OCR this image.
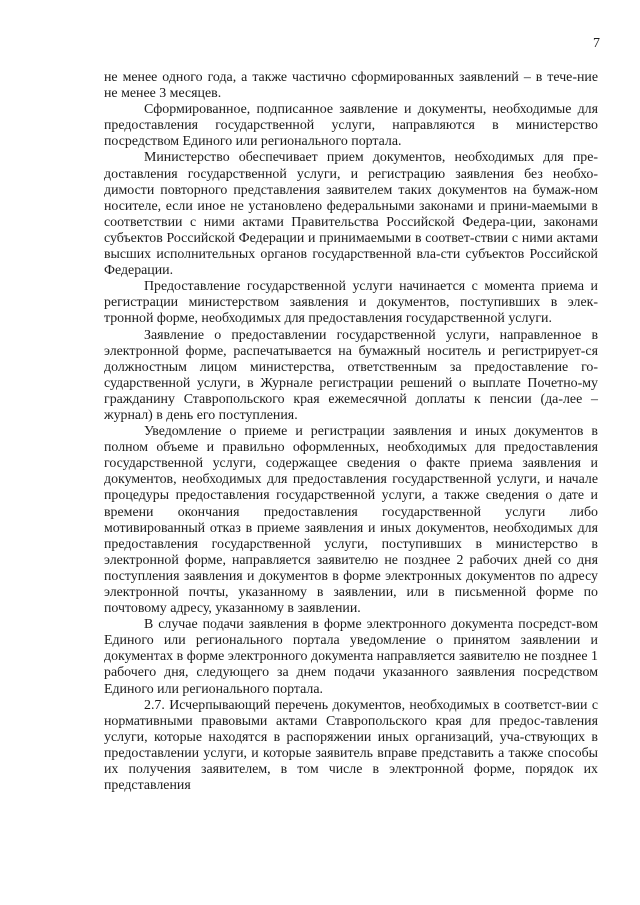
7

не менее одного года, а также частично сформированных заявлений – в тече-ние не менее 3 месяцев.

Сформированное, подписанное заявление и документы, необходимые для предоставления государственной услуги, направляются в министерство посредством Единого или регионального портала.

Министерство обеспечивает прием документов, необходимых для пре-доставления государственной услуги, и регистрацию заявления без необхо-димости повторного представления заявителем таких документов на бумаж-ном носителе, если иное не установлено федеральными законами и прини-маемыми в соответствии с ними актами Правительства Российской Федера-ции, законами субъектов Российской Федерации и принимаемыми в соответ-ствии с ними актами высших исполнительных органов государственной вла-сти субъектов Российской Федерации.

Предоставление государственной услуги начинается с момента приема и регистрации министерством заявления и документов, поступивших в элек-тронной форме, необходимых для предоставления государственной услуги.

Заявление о предоставлении государственной услуги, направленное в электронной форме, распечатывается на бумажный носитель и регистрирует-ся должностным лицом министерства, ответственным за предоставление го-сударственной услуги, в Журнале регистрации решений о выплате Почетно-му гражданину Ставропольского края ежемесячной доплаты к пенсии (да-лее – журнал) в день его поступления.

Уведомление о приеме и регистрации заявления и иных документов в полном объеме и правильно оформленных, необходимых для предоставления государственной услуги, содержащее сведения о факте приема заявления и документов, необходимых для предоставления государственной услуги, и начале процедуры предоставления государственной услуги, а также сведения о дате и времени окончания предоставления государственной услуги либо мотивированный отказ в приеме заявления и иных документов, необходимых для предоставления государственной услуги, поступивших в министерство в электронной форме, направляется заявителю не позднее 2 рабочих дней со дня поступления заявления и документов в форме электронных документов по адресу электронной почты, указанному в заявлении, или в письменной форме по почтовому адресу, указанному в заявлении.

В случае подачи заявления в форме электронного документа посредст-вом Единого или регионального портала уведомление о принятом заявлении и документах в форме электронного документа направляется заявителю не позднее 1 рабочего дня, следующего за днем подачи указанного заявления посредством Единого или регионального портала.

2.7. Исчерпывающий перечень документов, необходимых в соответст-вии с нормативными правовыми актами Ставропольского края для предос-тавления услуги, которые находятся в распоряжении иных организаций, уча-ствующих в предоставлении услуги, и которые заявитель вправе представить а также способы их получения заявителем, в том числе в электронной форме, порядок их представления
